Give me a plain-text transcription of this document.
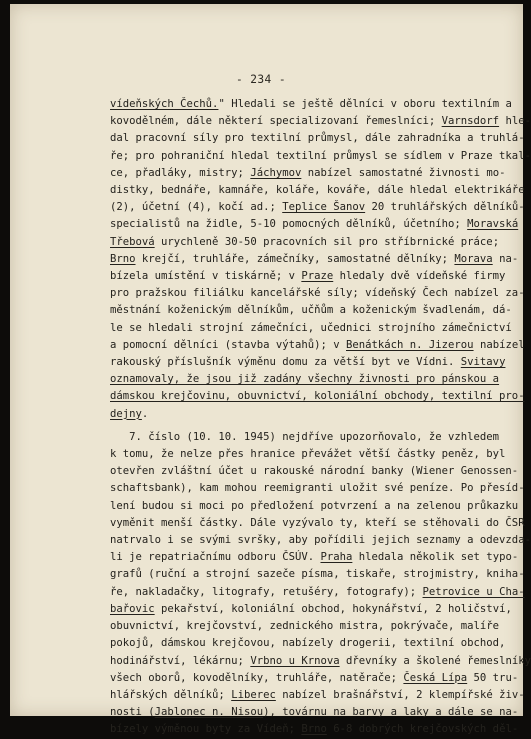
- 234 -
vídeňských Čechů." Hledali se ještě dělníci v oboru textilním a
kovodělném, dále některí specializovaní řemeslníci; Varnsdorf hle-
dal pracovní síly pro textilní průmysl, dále zahradníka a truhlá-
ře; pro pohraniční hledal textilní průmysl se sídlem v Praze tkal-
ce, přadláky, mistry; Jáchymov nabízel samostatné živnosti mo-
distky, bednáře, kamnáře, koláře, kováře, dále hledal elektrikáře
(2), účetní (4), kočí ad.; Teplice Šanov 20 truhlářských dělníků-
specialistů na židle, 5-10 pomocných dělníků, účetního; Moravská
Třebová urychleně 30-50 pracovních sil pro stříbrnické práce;
Brno krejčí, truhláře, zámečníky, samostatné dělníky; Morava na-
bízela umístění v tiskárně; v Praze hledaly dvě vídeňské firmy
pro pražskou filiálku kancelářské síly; vídeňský Čech nabízel za-
městnání koženickým dělníkům, učňům a koženickým švadlenám, dá-
le se hledali strojní zámečníci, učednici strojního zámečnictví
a pomocní dělníci (stavba výtahů); v Benátkách n. Jizerou nabízel
rakouský příslušník výměnu domu za větší byt ve Vídni. Svitavy
oznamovaly, že jsou již zadány všechny živnosti pro pánskou a
dámskou krejčovinu, obuvnictví, koloniální obchody, textilní pro-
dejny.
7. číslo (10. 10. 1945) nejdříve upozorňovalo, že vzhledem
k tomu, že nelze přes hranice převážet větší částky peněz, byl
otevřen zvláštní účet u rakouské národní banky (Wiener Genossen-
schaftsbank), kam mohou reemigranti uložit své peníze. Po přesíd-
lení budou si moci po předložení potvrzení a na zelenou průkazku
vyměnit menší částky. Dále vyzývalo ty, kteří se stěhovali do ČSR
natrvalo i se svými svršky, aby pořídili jejich seznamy a odevzda-
li je repatriačnímu odboru ČSÚV. Praha hledala několik set typo-
grafů (ruční a strojní sazeče písma, tiskaře, strojmistry, kniha-
ře, nakladačky, litografy, retušéry, fotografy); Petrovice u Cha-
bařovic pekařství, koloniální obchod, hokynářství, 2 holičství,
obuvnictví, krejčovství, zednického mistra, pokrývače, malíře
pokojů, dámskou krejčovou, nabízely drogerii, textilní obchod,
hodinářství, lékárnu; Vrbno u Krnova dřevníky a školené řemeslníky
všech oborů, kovodělníky, truhláře, natěrače; Česká Lípa 50 tru-
hlářských dělníků; Liberec nabízel brašnářství, 2 klempířské živ-
nosti (Jablonec n. Nisou), továrnu na barvy a laky a dále se na-
bízely výměnou byty za Vídeň; Brno 6-8 dobrých krejčovských děl-
